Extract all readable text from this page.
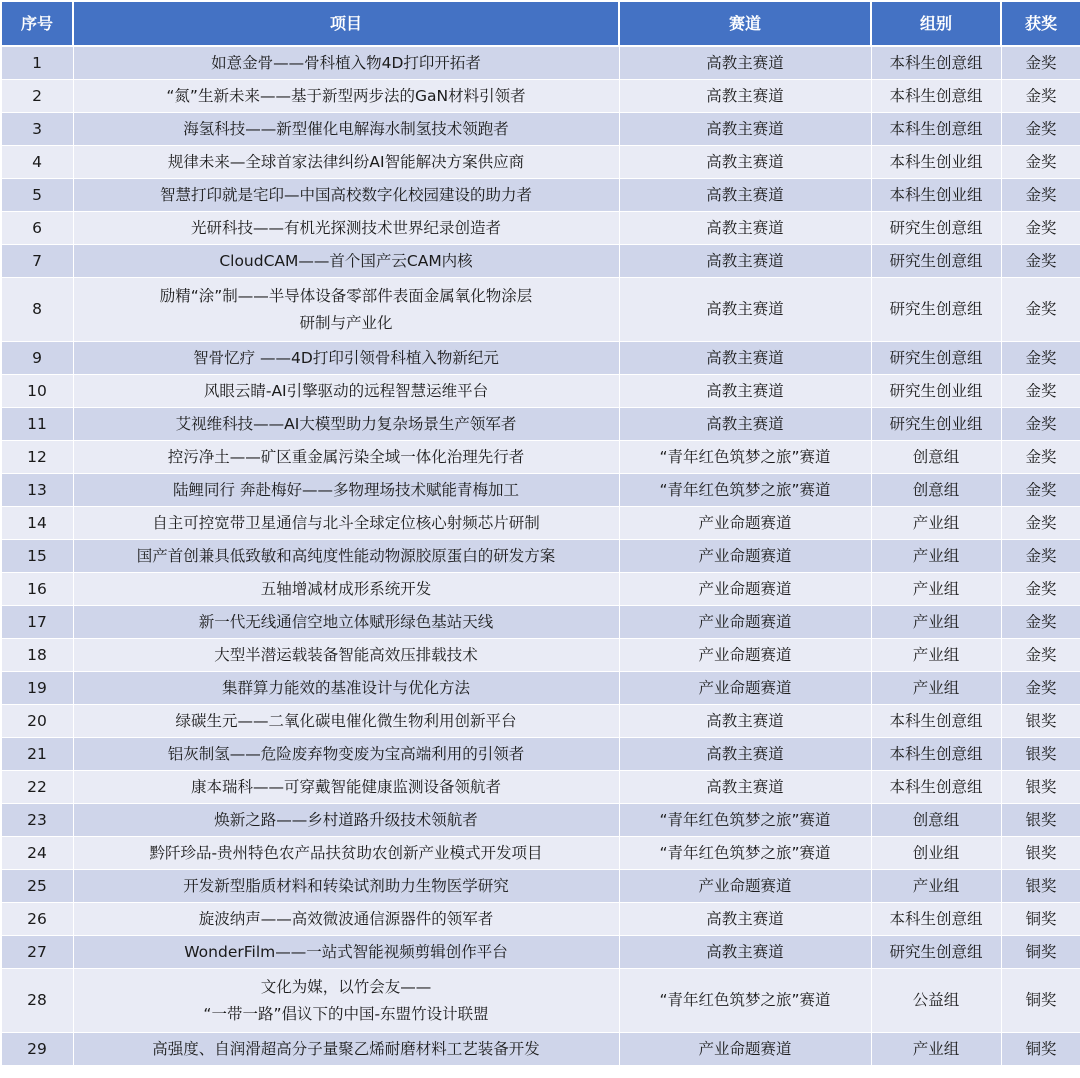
序号	项目	赛道	组别	获奖
1	如意金骨——骨科植入物4D打印开拓者	高教主赛道	本科生创意组	金奖
2	“氮”生新未来——基于新型两步法的GaN材料引领者	高教主赛道	本科生创意组	金奖
3	海氢科技——新型催化电解海水制氢技术领跑者	高教主赛道	本科生创意组	金奖
4	规律未来—全球首家法律纠纷AI智能解决方案供应商	高教主赛道	本科生创业组	金奖
5	智慧打印就是宅印—中国高校数字化校园建设的助力者	高教主赛道	本科生创业组	金奖
6	光研科技——有机光探测技术世界纪录创造者	高教主赛道	研究生创意组	金奖
7	CloudCAM——首个国产云CAM内核	高教主赛道	研究生创意组	金奖
8	励精“涂”制——半导体设备零部件表面金属氧化物涂层
研制与产业化	高教主赛道	研究生创意组	金奖
9	智骨忆疗 ——4D打印引领骨科植入物新纪元	高教主赛道	研究生创意组	金奖
10	风眼云睛-AI引擎驱动的远程智慧运维平台	高教主赛道	研究生创业组	金奖
11	艾视维科技——AI大模型助力复杂场景生产领军者	高教主赛道	研究生创业组	金奖
12	控污净土——矿区重金属污染全域一体化治理先行者	“青年红色筑梦之旅”赛道	创意组	金奖
13	陆鲤同行 奔赴梅好——多物理场技术赋能青梅加工	“青年红色筑梦之旅”赛道	创意组	金奖
14	自主可控宽带卫星通信与北斗全球定位核心射频芯片研制	产业命题赛道	产业组	金奖
15	国产首创兼具低致敏和高纯度性能动物源胶原蛋白的研发方案	产业命题赛道	产业组	金奖
16	五轴增减材成形系统开发	产业命题赛道	产业组	金奖
17	新一代无线通信空地立体赋形绿色基站天线	产业命题赛道	产业组	金奖
18	大型半潜运载装备智能高效压排载技术	产业命题赛道	产业组	金奖
19	集群算力能效的基准设计与优化方法	产业命题赛道	产业组	金奖
20	绿碳生元——二氧化碳电催化微生物利用创新平台	高教主赛道	本科生创意组	银奖
21	铝灰制氢——危险废弃物变废为宝高端利用的引领者	高教主赛道	本科生创意组	银奖
22	康本瑞科——可穿戴智能健康监测设备领航者	高教主赛道	本科生创意组	银奖
23	焕新之路——乡村道路升级技术领航者	“青年红色筑梦之旅”赛道	创意组	银奖
24	黔阡珍品-贵州特色农产品扶贫助农创新产业模式开发项目	“青年红色筑梦之旅”赛道	创业组	银奖
25	开发新型脂质材料和转染试剂助力生物医学研究	产业命题赛道	产业组	银奖
26	旋波纳声——高效微波通信源器件的领军者	高教主赛道	本科生创意组	铜奖
27	WonderFilm——一站式智能视频剪辑创作平台	高教主赛道	研究生创意组	铜奖
28	文化为媒，以竹会友——
“一带一路”倡议下的中国-东盟竹设计联盟	“青年红色筑梦之旅”赛道	公益组	铜奖
29	高强度、自润滑超高分子量聚乙烯耐磨材料工艺装备开发	产业命题赛道	产业组	铜奖
